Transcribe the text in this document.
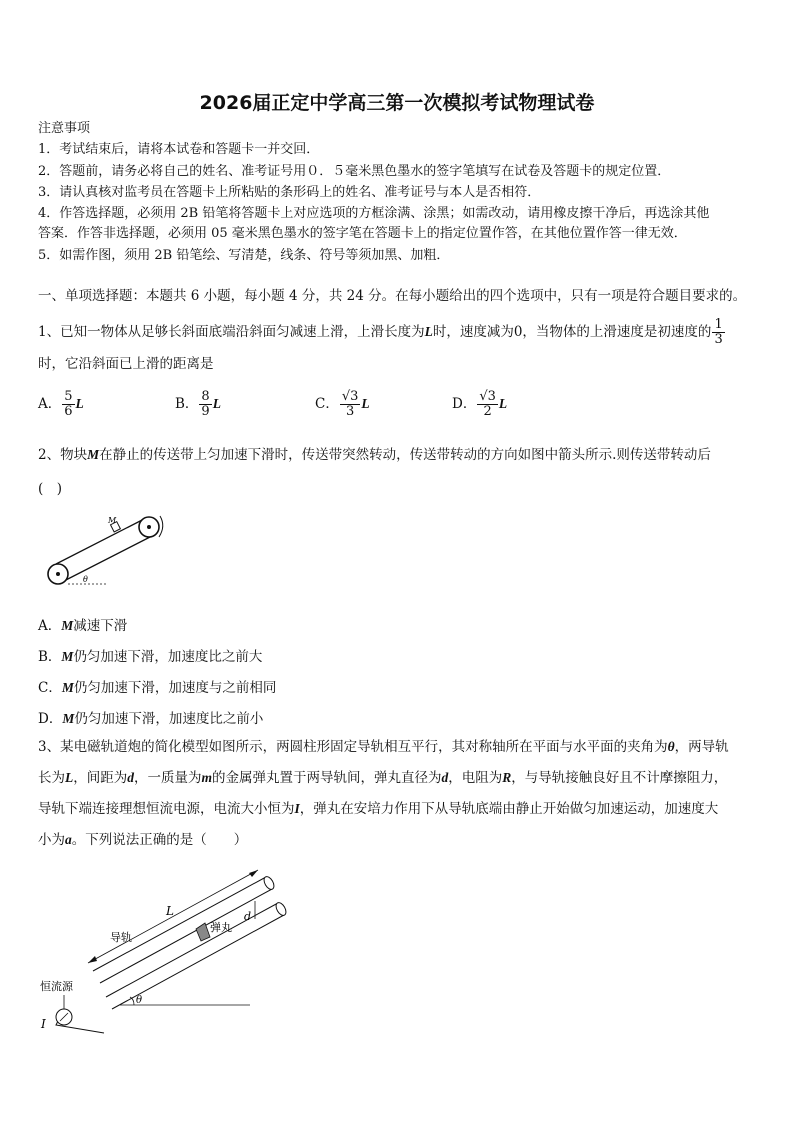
2026届正定中学高三第一次模拟考试物理试卷
注意事项
1．考试结束后，请将本试卷和答题卡一并交回．
2．答题前，请务必将自己的姓名、准考证号用０．５毫米黑色墨水的签字笔填写在试卷及答题卡的规定位置．
3．请认真核对监考员在答题卡上所粘贴的条形码上的姓名、准考证号与本人是否相符．
4．作答选择题，必须用 2B 铅笔将答题卡上对应选项的方框涂满、涂黑；如需改动，请用橡皮擦干净后，再选涂其他
答案．作答非选择题，必须用 05 毫米黑色墨水的签字笔在答题卡上的指定位置作答，在其他位置作答一律无效．
5．如需作图，须用 2B 铅笔绘、写清楚，线条、符号等须加黑、加粗．
一、单项选择题：本题共 6 小题，每小题 4 分，共 24 分。在每小题给出的四个选项中，只有一项是符合题目要求的。
1、已知一物体从足够长斜面底端沿斜面匀减速上滑，上滑长度为L时，速度减为0，当物体的上滑速度是初速度的 $\frac{1}{3}$
时，它沿斜面已上滑的距离是
A． $\frac{5}{6}$ L	B． $\frac{8}{9}$ L	C． $\frac{√3}{3}$ L	D． $\frac{√3}{2}$ L
2、物块M在静止的传送带上匀加速下滑时，传送带突然转动，传送带转动的方向如图中箭头所示.则传送带转动后
(　)
M
θ
A．M减速下滑
B．M仍匀加速下滑，加速度比之前大
C．M仍匀加速下滑，加速度与之前相同
D．M仍匀加速下滑，加速度比之前小
3、某电磁轨道炮的简化模型如图所示，两圆柱形固定导轨相互平行，其对称轴所在平面与水平面的夹角为θ，两导轨
长为L，间距为d，一质量为m的金属弹丸置于两导轨间，弹丸直径为d，电阻为R，与导轨接触良好且不计摩擦阻力，
导轨下端连接理想恒流电源，电流大小恒为I，弹丸在安培力作用下从导轨底端由静止开始做匀加速运动，加速度大
小为a。下列说法正确的是（　　）
L	d
弹丸
导轨
恒流源
I
θ
